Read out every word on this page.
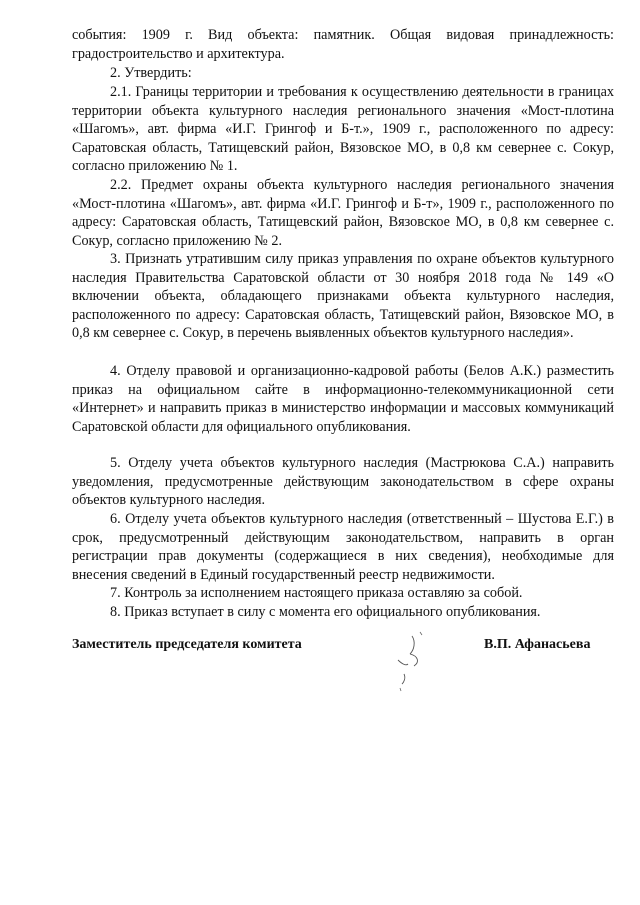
события: 1909 г. Вид объекта: памятник. Общая видовая принадлежность: градостроительство и архитектура.

2. Утвердить:

2.1. Границы территории и требования к осуществлению деятельности в границах территории объекта культурного наследия регионального значения «Мост-плотина «Шагомъ», авт. фирма «И.Г. Грингоф и Б-т.», 1909 г., расположенного по адресу: Саратовская область, Татищевский район, Вязовское МО, в 0,8 км севернее с. Сокур, согласно приложению № 1.

2.2. Предмет охраны объекта культурного наследия регионального значения «Мост-плотина «Шагомъ», авт. фирма «И.Г. Грингоф и Б-т», 1909 г., расположенного по адресу: Саратовская область, Татищевский район, Вязовское МО, в 0,8 км севернее с. Сокур, согласно приложению № 2.

3. Признать утратившим силу приказ управления по охране объектов культурного наследия Правительства Саратовской области от 30 ноября 2018 года № 149 «О включении объекта, обладающего признаками объекта культурного наследия, расположенного по адресу: Саратовская область, Татищевский район, Вязовское МО, в 0,8 км севернее с. Сокур, в перечень выявленных объектов культурного наследия».

4. Отделу правовой и организационно-кадровой работы (Белов А.К.) разместить приказ на официальном сайте в информационно-телекоммуникационной сети «Интернет» и направить приказ в министерство информации и массовых коммуникаций Саратовской области для официального опубликования.

5. Отделу учета объектов культурного наследия (Мастрюкова С.А.) направить уведомления, предусмотренные действующим законодательством в сфере охраны объектов культурного наследия.

6. Отделу учета объектов культурного наследия (ответственный – Шустова Е.Г.) в срок, предусмотренный действующим законодательством, направить в орган регистрации прав документы (содержащиеся в них сведения), необходимые для внесения сведений в Единый государственный реестр недвижимости.

7. Контроль за исполнением настоящего приказа оставляю за собой.

8. Приказ вступает в силу с момента его официального опубликования.

Заместитель председателя комитета	В.П. Афанасьева
